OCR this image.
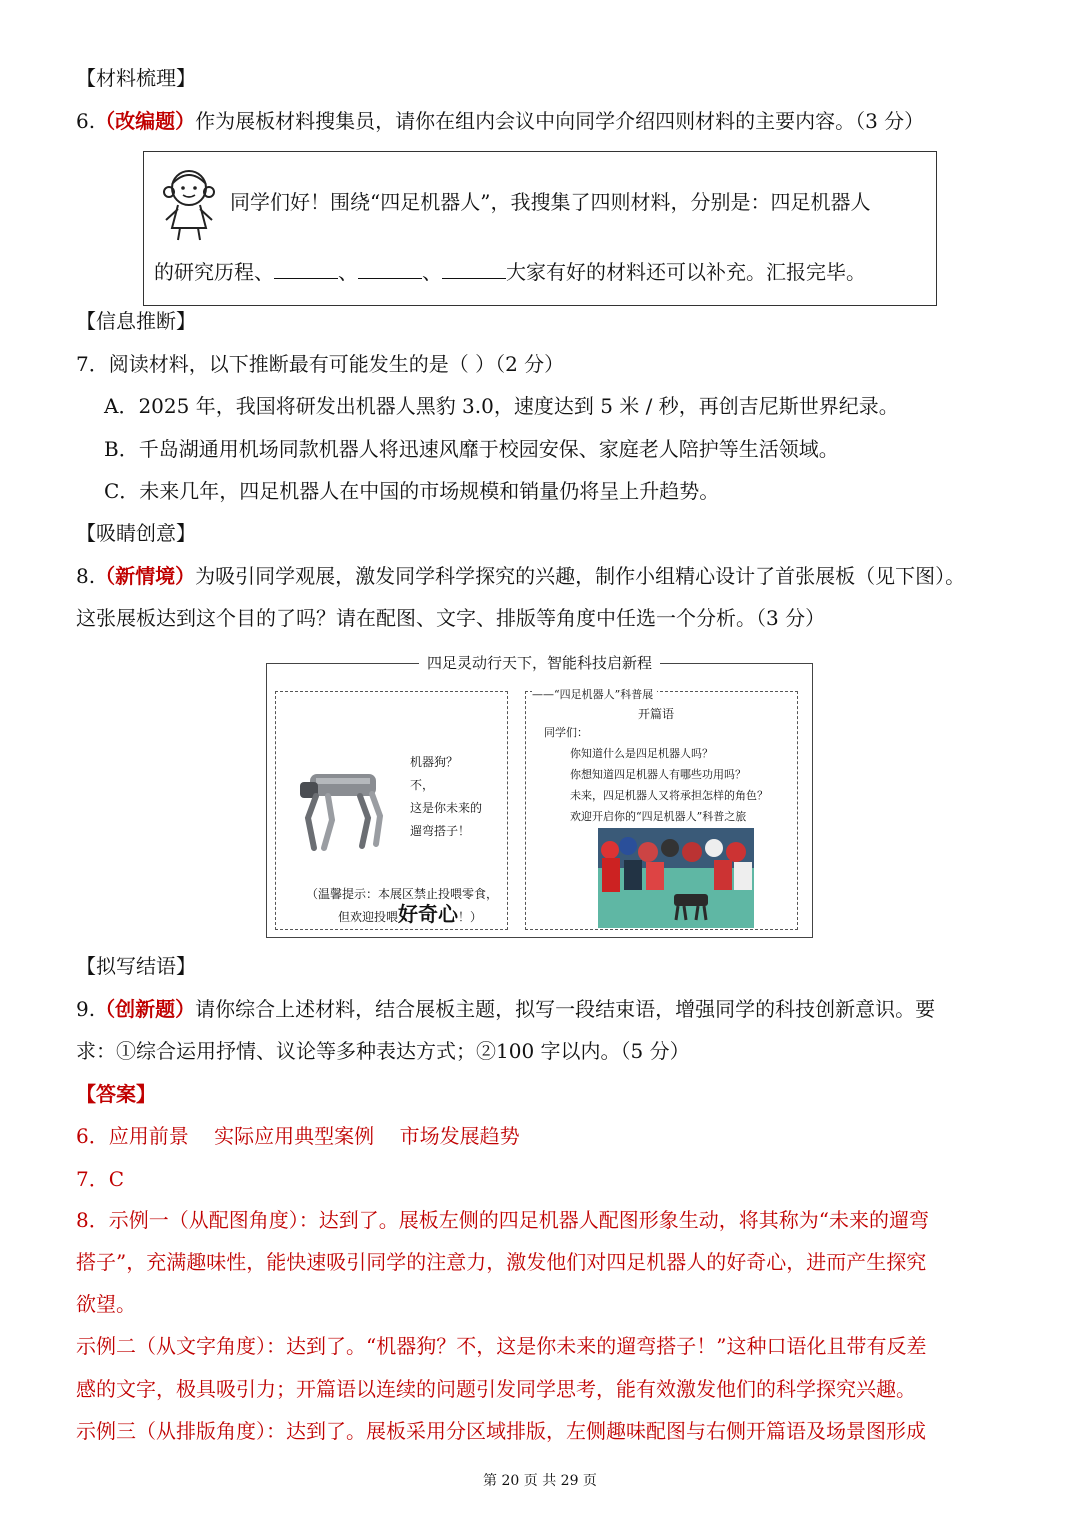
【材料梳理】
6.（改编题）作为展板材料搜集员，请你在组内会议中向同学介绍四则材料的主要内容。（3 分）
同学们好！围绕“四足机器人”，我搜集了四则材料，分别是：四足机器人
的研究历程、	、	、	大家有好的材料还可以补充。汇报完毕。
【信息推断】
7．阅读材料，以下推断最有可能发生的是（ ）（2 分）
A．2025 年，我国将研发出机器人黑豹 3.0，速度达到 5 米 / 秒，再创吉尼斯世界纪录。
B．千岛湖通用机场同款机器人将迅速风靡于校园安保、家庭老人陪护等生活领域。
C．未来几年，四足机器人在中国的市场规模和销量仍将呈上升趋势。
【吸睛创意】
8.（新情境）为吸引同学观展，激发同学科学探究的兴趣，制作小组精心设计了首张展板（见下图）。
这张展板达到这个目的了吗？请在配图、文字、排版等角度中任选一个分析。（3 分）
四足灵动行天下，智能科技启新程
机器狗？
不，
这是你未来的
遛弯搭子！
（温馨提示：本展区禁止投喂零食，
但欢迎投喂好奇心！）
——“四足机器人”科普展
开篇语
同学们：
你知道什么是四足机器人吗？
你想知道四足机器人有哪些功用吗？
未来，四足机器人又将承担怎样的角色？
欢迎开启你的“四足机器人”科普之旅
【拟写结语】
9.（创新题）请你综合上述材料，结合展板主题，拟写一段结束语，增强同学的科技创新意识。要
求：①综合运用抒情、议论等多种表达方式；②100 字以内。（5 分）
【答案】
6．应用前景    实际应用典型案例    市场发展趋势
7．C
8．示例一（从配图角度）：达到了。展板左侧的四足机器人配图形象生动，将其称为“未来的遛弯
搭子”，充满趣味性，能快速吸引同学的注意力，激发他们对四足机器人的好奇心，进而产生探究
欲望。
示例二（从文字角度）：达到了。“机器狗？不，这是你未来的遛弯搭子！”这种口语化且带有反差
感的文字，极具吸引力；开篇语以连续的问题引发同学思考，能有效激发他们的科学探究兴趣。
示例三（从排版角度）：达到了。展板采用分区域排版，左侧趣味配图与右侧开篇语及场景图形成
第 20 页 共 29 页
